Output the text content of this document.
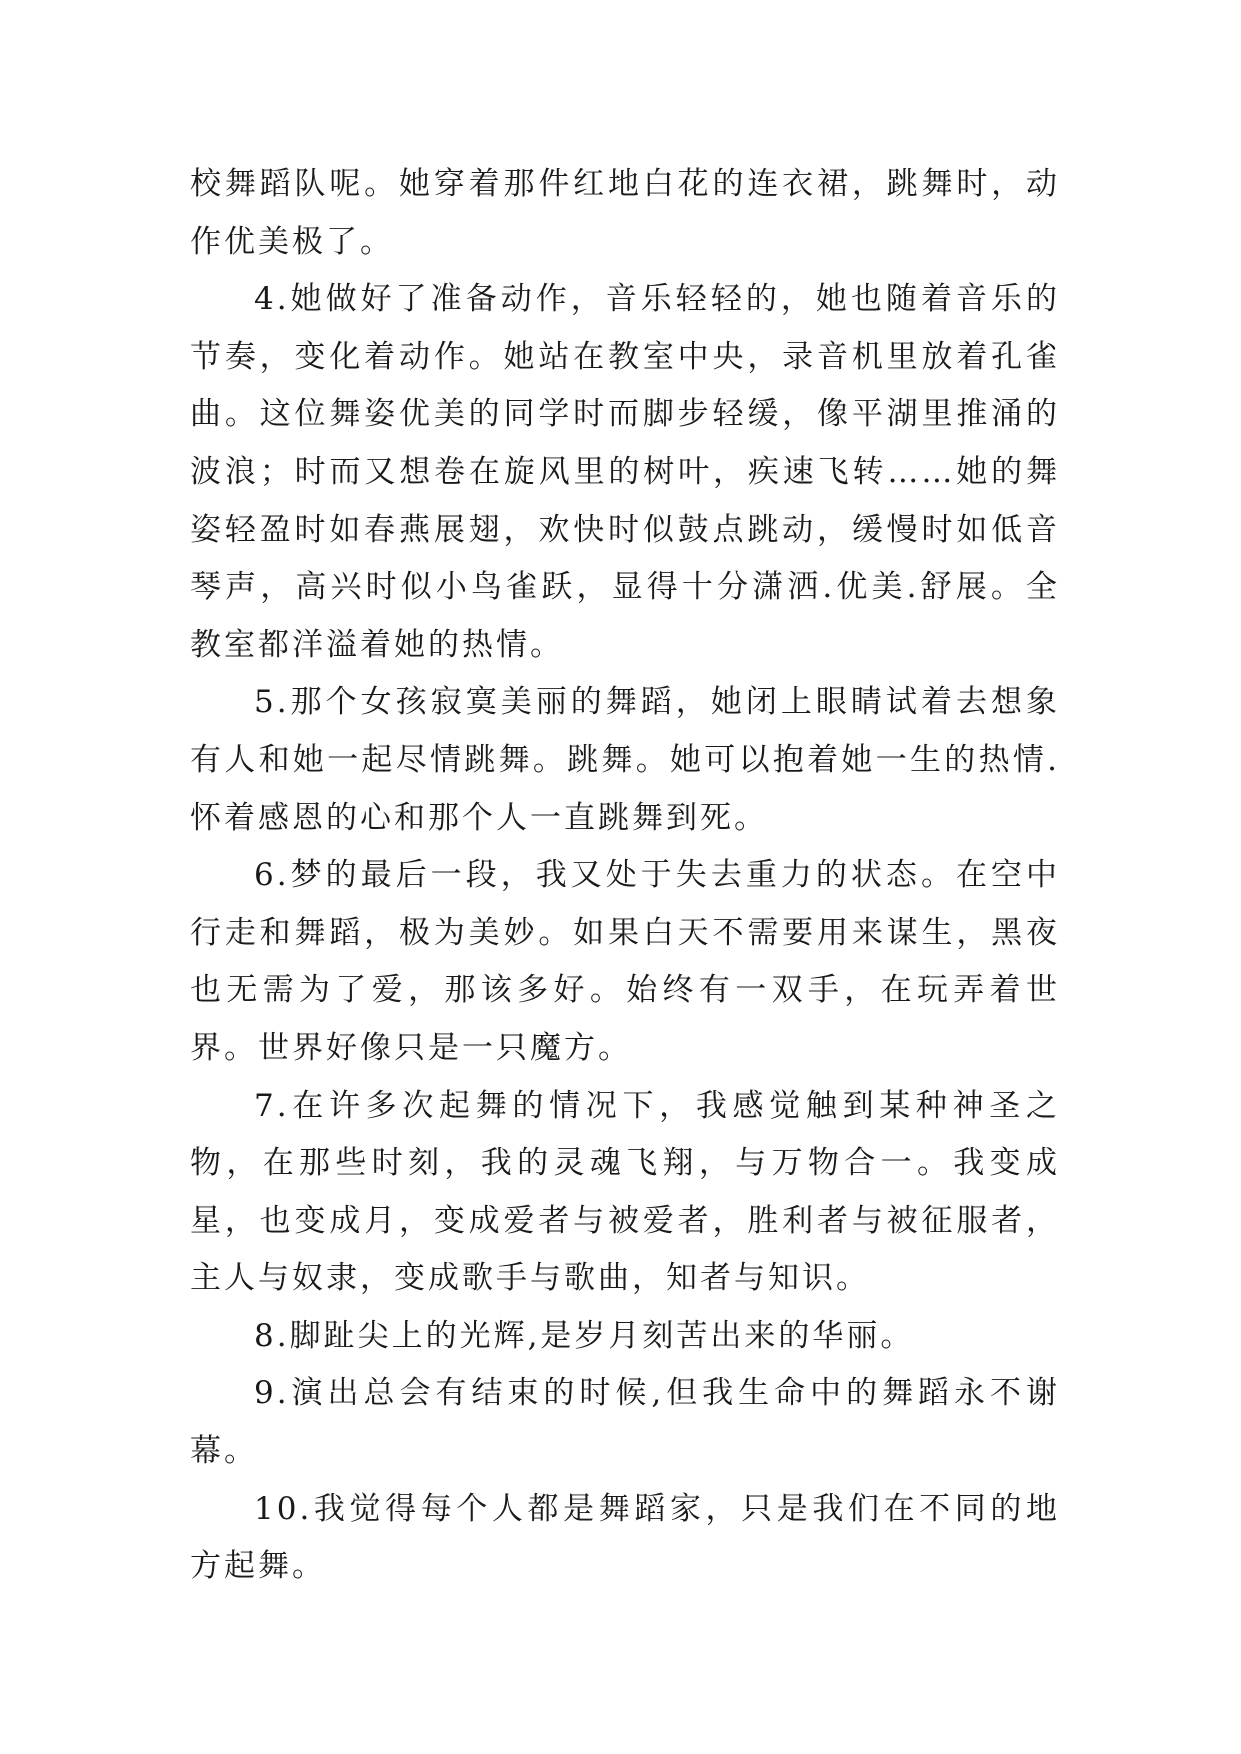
校舞蹈队呢。她穿着那件红地白花的连衣裙，跳舞时，动作优美极了。

4.她做好了准备动作，音乐轻轻的，她也随着音乐的节奏，变化着动作。她站在教室中央，录音机里放着孔雀曲。这位舞姿优美的同学时而脚步轻缓，像平湖里推涌的波浪；时而又想卷在旋风里的树叶，疾速飞转……她的舞姿轻盈时如春燕展翅，欢快时似鼓点跳动，缓慢时如低音琴声，高兴时似小鸟雀跃，显得十分潇洒.优美.舒展。全教室都洋溢着她的热情。

5.那个女孩寂寞美丽的舞蹈，她闭上眼睛试着去想象有人和她一起尽情跳舞。跳舞。她可以抱着她一生的热情.怀着感恩的心和那个人一直跳舞到死。

6.梦的最后一段，我又处于失去重力的状态。在空中行走和舞蹈，极为美妙。如果白天不需要用来谋生，黑夜也无需为了爱，那该多好。始终有一双手，在玩弄着世界。世界好像只是一只魔方。

7.在许多次起舞的情况下，我感觉触到某种神圣之物，在那些时刻，我的灵魂飞翔，与万物合一。我变成星，也变成月，变成爱者与被爱者，胜利者与被征服者，主人与奴隶，变成歌手与歌曲，知者与知识。

8.脚趾尖上的光辉,是岁月刻苦出来的华丽。

9.演出总会有结束的时候,但我生命中的舞蹈永不谢幕。

10.我觉得每个人都是舞蹈家，只是我们在不同的地方起舞。
